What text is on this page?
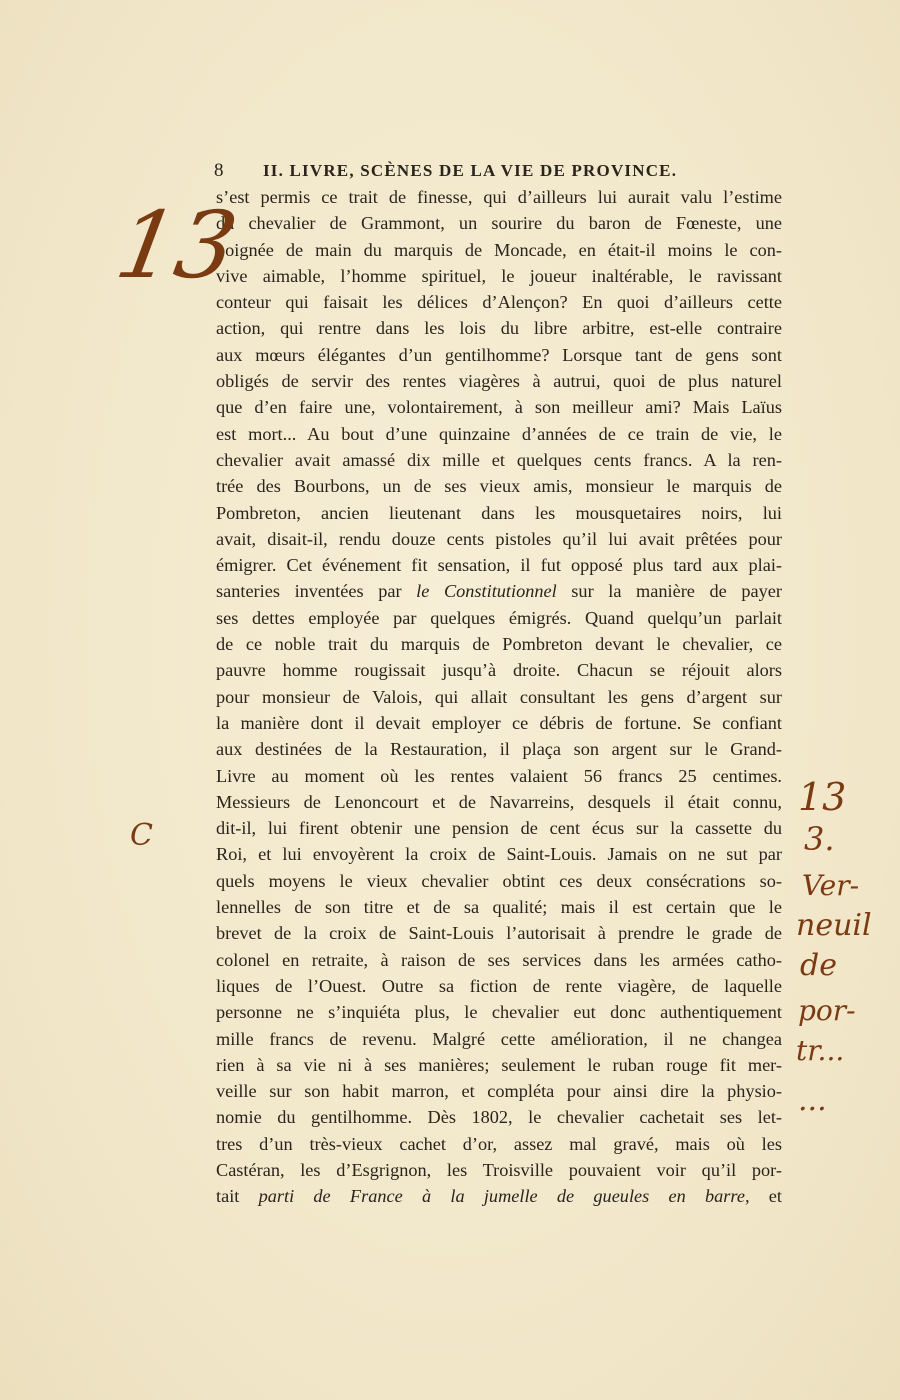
8 II. LIVRE, SCÈNES DE LA VIE DE PROVINCE.
s’est permis ce trait de finesse, qui d’ailleurs lui aurait valu l’estime
du chevalier de Grammont, un sourire du baron de Fœneste, une
poignée de main du marquis de Moncade, en était-il moins le con-
vive aimable, l’homme spirituel, le joueur inaltérable, le ravissant
conteur qui faisait les délices d’Alençon? En quoi d’ailleurs cette
action, qui rentre dans les lois du libre arbitre, est-elle contraire
aux mœurs élégantes d’un gentilhomme? Lorsque tant de gens sont
obligés de servir des rentes viagères à autrui, quoi de plus naturel
que d’en faire une, volontairement, à son meilleur ami? Mais Laïus
est mort... Au bout d’une quinzaine d’années de ce train de vie, le
chevalier avait amassé dix mille et quelques cents francs. A la ren-
trée des Bourbons, un de ses vieux amis, monsieur le marquis de
Pombreton, ancien lieutenant dans les mousquetaires noirs, lui
avait, disait-il, rendu douze cents pistoles qu’il lui avait prêtées pour
émigrer. Cet événement fit sensation, il fut opposé plus tard aux plai-
santeries inventées par le Constitutionnel sur la manière de payer
ses dettes employée par quelques émigrés. Quand quelqu’un parlait
de ce noble trait du marquis de Pombreton devant le chevalier, ce
pauvre homme rougissait jusqu’à droite. Chacun se réjouit alors
pour monsieur de Valois, qui allait consultant les gens d’argent sur
la manière dont il devait employer ce débris de fortune. Se confiant
aux destinées de la Restauration, il plaça son argent sur le Grand-
Livre au moment où les rentes valaient 56 francs 25 centimes.
Messieurs de Lenoncourt et de Navarreins, desquels il était connu,
dit-il, lui firent obtenir une pension de cent écus sur la cassette du
Roi, et lui envoyèrent la croix de Saint-Louis. Jamais on ne sut par
quels moyens le vieux chevalier obtint ces deux consécrations so-
lennelles de son titre et de sa qualité; mais il est certain que le
brevet de la croix de Saint-Louis l’autorisait à prendre le grade de
colonel en retraite, à raison de ses services dans les armées catho-
liques de l’Ouest. Outre sa fiction de rente viagère, de laquelle
personne ne s’inquiéta plus, le chevalier eut donc authentiquement
mille francs de revenu. Malgré cette amélioration, il ne changea
rien à sa vie ni à ses manières; seulement le ruban rouge fit mer-
veille sur son habit marron, et compléta pour ainsi dire la physio-
nomie du gentilhomme. Dès 1802, le chevalier cachetait ses let-
tres d’un très-vieux cachet d’or, assez mal gravé, mais où les
Castéran, les d’Esgrignon, les Troisville pouvaient voir qu’il por-
tait parti de France à la jumelle de gueules en barre, et
13
C
13
3.
Ver-
neuil
de
por-
tr...
...
